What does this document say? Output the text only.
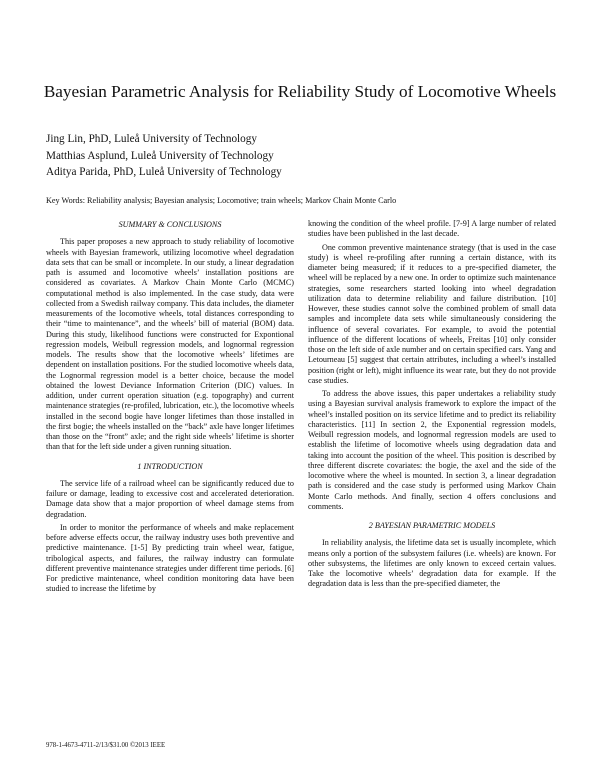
Bayesian Parametric Analysis for Reliability Study of Locomotive Wheels
Jing Lin, PhD, Luleå University of Technology
Matthias Asplund, Luleå University of Technology
Aditya Parida, PhD, Luleå University of Technology
Key Words: Reliability analysis; Bayesian analysis; Locomotive; train wheels; Markov Chain Monte Carlo
SUMMARY & CONCLUSIONS

This paper proposes a new approach to study reliability of locomotive wheels with Bayesian framework, utilizing locomotive wheel degradation data sets that can be small or incomplete. In our study, a linear degradation path is assumed and locomotive wheels’ installation positions are considered as covariates. A Markov Chain Monte Carlo (MCMC) computational method is also implemented. In the case study, data were collected from a Swedish railway company. This data includes, the diameter measurements of the locomotive wheels, total distances corresponding to their “time to maintenance”, and the wheels’ bill of material (BOM) data. During this study, likelihood functions were constructed for Expontional regression models, Weibull regression models, and lognormal regression models. The results show that the locomotive wheels’ lifetimes are dependent on installation positions. For the studied locomotive wheels data, the Lognormal regression model is a better choice, because the model obtained the lowest Deviance Information Criterion (DIC) values. In addition, under current operation situation (e.g. topography) and current maintenance strategies (re-profiled, lubrication, etc.), the locomotive wheels installed in the second bogie have longer lifetimes than those installed in the first bogie; the wheels installed on the “back” axle have longer lifetimes than those on the “front” axle; and the right side wheels’ lifetime is shorter than that for the left side under a given running situation.

1 INTRODUCTION

The service life of a railroad wheel can be significantly reduced due to failure or damage, leading to excessive cost and accelerated deterioration. Damage data show that a major proportion of wheel damage stems from degradation.

In order to monitor the performance of wheels and make replacement before adverse effects occur, the railway industry uses both preventive and predictive maintenance. [1-5] By predicting train wheel wear, fatigue, tribological aspects, and failures, the railway industry can formulate different preventive maintenance strategies under different time periods. [6] For predictive maintenance, wheel condition monitoring data have been studied to increase the lifetime by

knowing the condition of the wheel profile. [7-9] A large number of related studies have been published in the last decade.

One common preventive maintenance strategy (that is used in the case study) is wheel re-profiling after running a certain distance, with its diameter being measured; if it reduces to a pre-specified diameter, the wheel will be replaced by a new one. In order to optimize such maintenance strategies, some researchers started looking into wheel degradation utilization data to determine reliability and failure distribution. [10] However, these studies cannot solve the combined problem of small data samples and incomplete data sets while simultaneously considering the influence of several covariates. For example, to avoid the potential influence of the different locations of wheels, Freitas [10] only consider those on the left side of axle number and on certain specified cars. Yang and Letourneau [5] suggest that certain attributes, including a wheel’s installed position (right or left), might influence its wear rate, but they do not provide case studies.

To address the above issues, this paper undertakes a reliability study using a Bayesian survival analysis framework to explore the impact of the wheel’s installed position on its service lifetime and to predict its reliability characteristics. [11] In section 2, the Exponential regression models, Weibull regression models, and lognormal regression models are used to establish the lifetime of locomotive wheels using degradation data and taking into account the position of the wheel. This position is described by three different discrete covariates: the bogie, the axel and the side of the locomotive where the wheel is mounted. In section 3, a linear degradation path is considered and the case study is performed using Markov Chain Monte Carlo methods. And finally, section 4 offers conclusions and comments.

2 BAYESIAN PARAMETRIC MODELS

In reliability analysis, the lifetime data set is usually incomplete, which means only a portion of the subsystem failures (i.e. wheels) are known. For other subsystems, the lifetimes are only known to exceed certain values. Take the locomotive wheels’ degradation data for example. If the degradation data is less than the pre-specified diameter, the

978-1-4673-4711-2/13/$31.00 ©2013 IEEE
